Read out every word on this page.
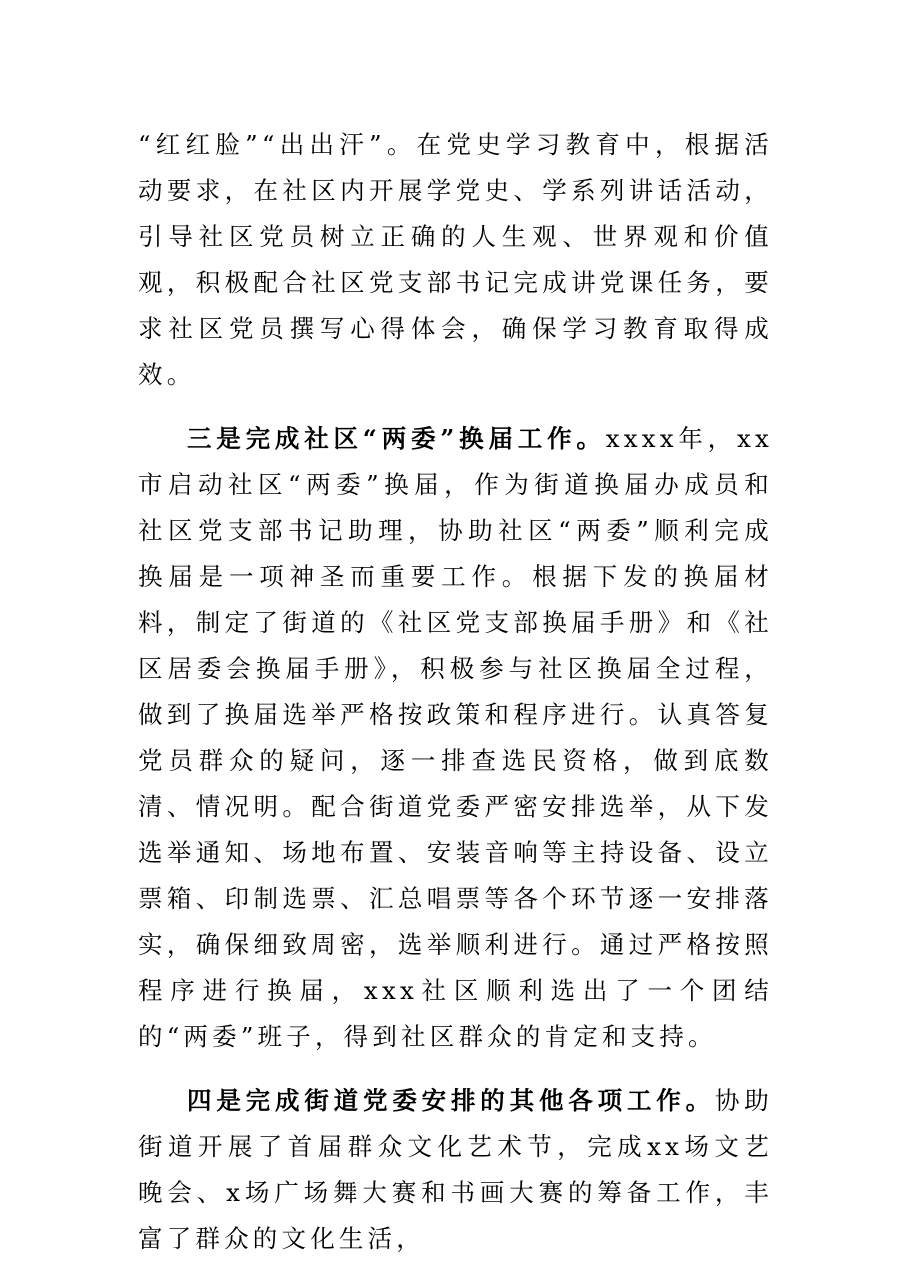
“红红脸”“出出汗”。在党史学习教育中，根据活动要求，在社区内开展学党史、学系列讲话活动，引导社区党员树立正确的人生观、世界观和价值观，积极配合社区党支部书记完成讲党课任务，要求社区党员撰写心得体会，确保学习教育取得成效。

三是完成社区“两委”换届工作。xxxx年，xx市启动社区“两委”换届，作为街道换届办成员和社区党支部书记助理，协助社区“两委”顺利完成换届是一项神圣而重要工作。根据下发的换届材料，制定了街道的《社区党支部换届手册》和《社区居委会换届手册》，积极参与社区换届全过程，做到了换届选举严格按政策和程序进行。认真答复党员群众的疑问，逐一排查选民资格，做到底数清、情况明。配合街道党委严密安排选举，从下发选举通知、场地布置、安装音响等主持设备、设立票箱、印制选票、汇总唱票等各个环节逐一安排落实，确保细致周密，选举顺利进行。通过严格按照程序进行换届，xxx社区顺利选出了一个团结的“两委”班子，得到社区群众的肯定和支持。

四是完成街道党委安排的其他各项工作。协助街道开展了首届群众文化艺术节，完成xx场文艺晚会、x场广场舞大赛和书画大赛的筹备工作，丰富了群众的文化生活，
